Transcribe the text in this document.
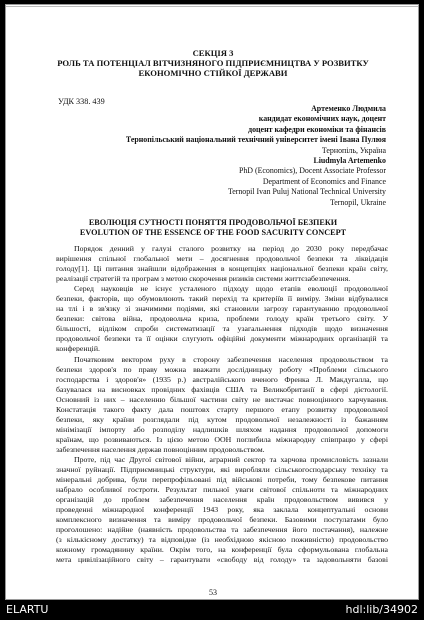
СЕКЦІЯ 3
РОЛЬ ТА ПОТЕНЦІАЛ ВІТЧИЗНЯНОГО ПІДПРИЄМНИЦТВА У РОЗВИТКУ
ЕКОНОМІЧНО СТІЙКОЇ ДЕРЖАВИ
УДК 338. 439
Артеменко Людмила
кандидат економічних наук, доцент
доцент кафедри економіки та фінансів
Тернопільський національний технічний університет імені Івана Пулюя
Тернопіль, Україна
Liudmyla Artemenko
PhD (Economics), Docent Associate Professor
Department of Economics and Finance
Ternopil Ivan Puluj National Technical University
Ternopil, Ukraine
ЕВОЛЮЦІЯ СУТНОСТІ ПОНЯТТЯ ПРОДОВОЛЬЧОЇ БЕЗПЕКИ
EVOLUTION OF THE ESSENCE OF THE FOOD SACURITY CONCEPT
Порядок денний у галузі сталого розвитку на період до 2030 року передбачає
вирішення спільної глобальної мети – досягнення продовольчої безпеки та ліквідація
голоду[1]. Ці питання знайшли відображення в концепціях національної безпеки країн світу,
реалізації стратегій та програм з метою скорочення ризиків системи життєзабезпечення.
Серед науковців не існує усталеного підходу щодо етапів еволюції продовольчої
безпеки, факторів, що обумовлюють такий перехід та критеріїв її виміру. Зміни відбувалися
на тлі і в зв'язку зі значимими подіями, які становили загрозу гарантуванню продовольчої
безпеки: світова війна, продовольча криза, проблеми голоду країн третього світу. У
більшості, відліком спроби систематизації та узагальнення підходів щодо визначення
продовольчої безпеки та її оцінки слугують офіційні документи міжнародних організацій та
конференцій.
Початковим вектором руху в сторону забезпечення населення продовольством та
безпеки здоров'я по праву можна вважати дослідницьку роботу «Проблеми сільського
господарства і здоров'я» (1935 р.) австралійського вченого Френка Л. Макдугалла, що
базувалася на висновках провідних фахівців США та Великобританії в сфері дієтології.
Основний із них – населенню більшої частини світу не вистачає повноцінного харчування.
Констатація такого факту дала поштовх старту першого етапу розвитку продовольчої
безпеки, яку країни розглядали під кутом продовольчої незалежності із бажанням
мінімізації імпорту або розподілу надлишків шляхом надання продовольчої допомоги
країнам, що розвиваються. Із цією метою ООН поглибила міжнародну співпрацю у сфері
забезпечення населення держав повноцінним продовольством.
Проте, під час Другої світової війни, аграрний сектор та харчова промисловість зазнали
значної руйнації. Підприємницькі структури, які виробляли сільськогосподарську техніку та
мінеральні добрива, були перепрофільовані під військові потреби, тому безпекове питання
набрало особливої гостроти. Результат пильної уваги світової спільноти та міжнародних
організацій до проблем забезпечення населення країн продовольством вивився у
проведенні міжнародної конференції 1943 року, яка заклала концептуальні основи
комплексного визначення та виміру продовольчої безпеки. Базовими постулатами було
проголошено: надійне (наявність продовольства та забезпечення його постачання), належне
(з кількісному достатку) та відповідне (із необхідною якісною поживністю) продовольство
кожному громадянину країни. Окрім того, на конференції була сформульована глобальна
мета цивілізаційного світу – гарантувати «свободу від голоду» та задовольняти базові
53
ELARTU	hdl:lib/34902
